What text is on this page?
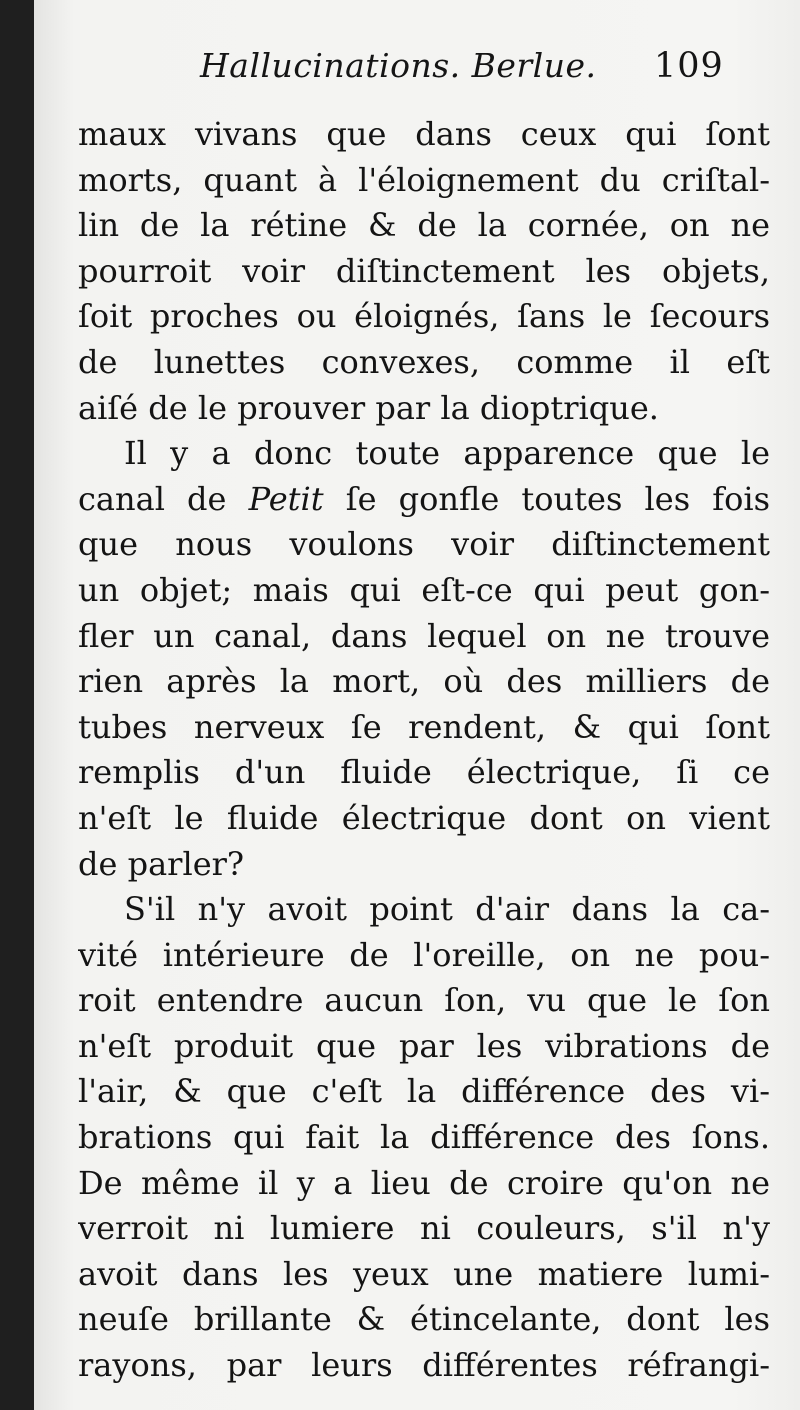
Hallucinations. Berlue. 109
maux vivans que dans ceux qui ſont
morts, quant à l'éloignement du criſtal-
lin de la rétine & de la cornée, on ne
pourroit voir diſtinctement les objets,
ſoit proches ou éloignés, ſans le ſecours
de lunettes convexes, comme il eſt
aiſé de le prouver par la dioptrique.
Il y a donc toute apparence que le
canal de Petit ſe gonfle toutes les fois
que nous voulons voir diſtinctement
un objet; mais qui eſt-ce qui peut gon-
fler un canal, dans lequel on ne trouve
rien après la mort, où des milliers de
tubes nerveux ſe rendent, & qui ſont
remplis d'un fluide électrique, ſi ce
n'eſt le fluide électrique dont on vient
de parler?
S'il n'y avoit point d'air dans la ca-
vité intérieure de l'oreille, on ne pou-
roit entendre aucun ſon, vu que le ſon
n'eſt produit que par les vibrations de
l'air, & que c'eſt la différence des vi-
brations qui fait la différence des ſons.
De même il y a lieu de croire qu'on ne
verroit ni lumiere ni couleurs, s'il n'y
avoit dans les yeux une matiere lumi-
neuſe brillante & étincelante, dont les
rayons, par leurs différentes réfrangi-
